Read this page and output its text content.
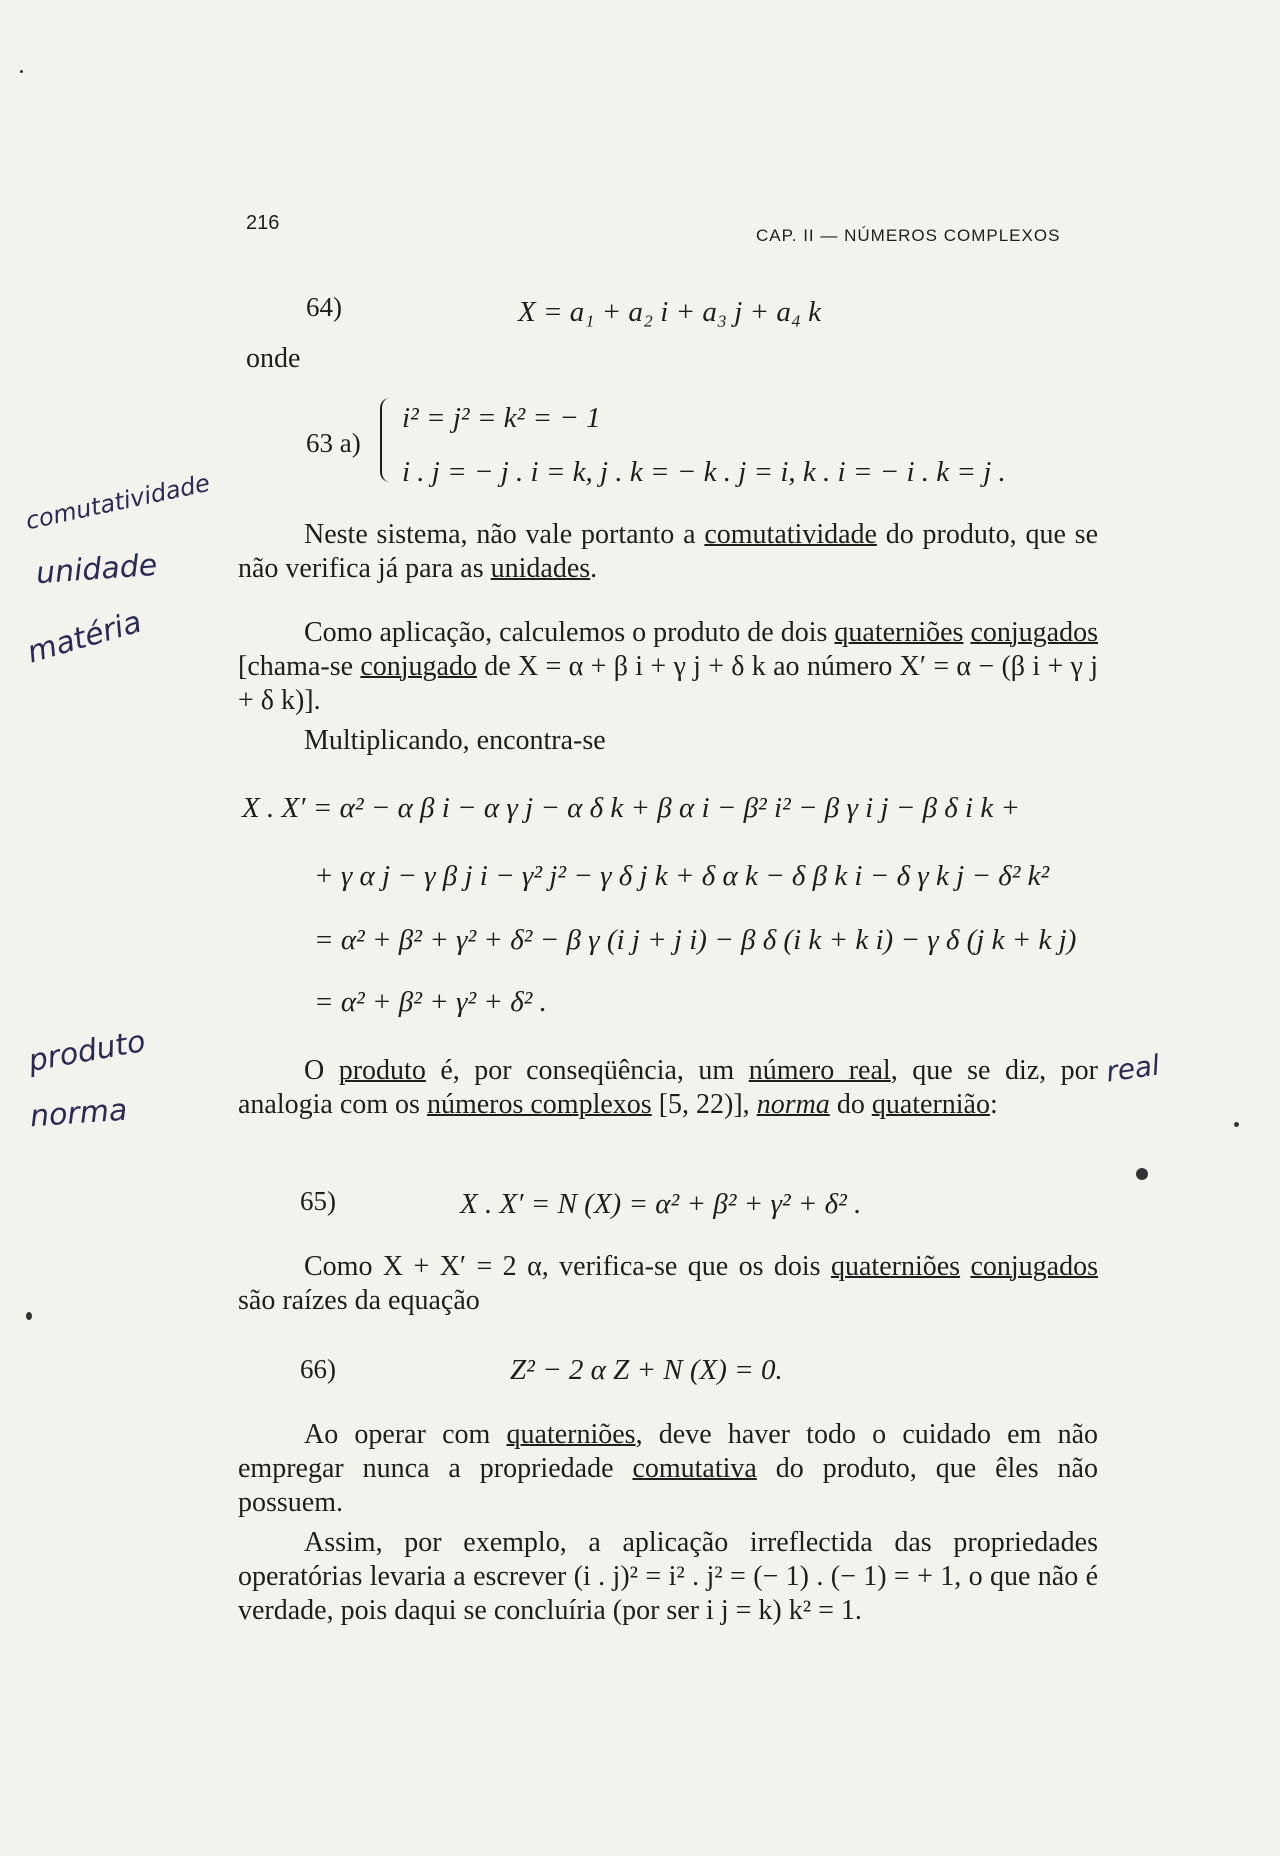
216
CAP. II — NÚMEROS COMPLEXOS
64)	X = a₁ + a₂ i + a₃ j + a₄ k
onde
63 a)
i² = j² = k² = − 1
i . j = − j . i = k, j . k = − k . j = i, k . i = − i . k = j .

Neste sistema, não vale portanto a comutatividade do produto, que se não verifica já para as unidades.

Como aplicação, calculemos o produto de dois quaterniões conjugados [chama-se conjugado de X = α + β i + γ j + δ k ao número X′ = α − (β i + γ j + δ k)].

Multiplicando, encontra-se
X . X′ = α² − α β i − α γ j − α δ k + β α i − β² i² − β γ i j − β δ i k +
+ γ α j − γ β j i − γ² j² − γ δ j k + δ α k − δ β k i − δ γ k j − δ² k²
= α² + β² + γ² + δ² − β γ (i j + j i) − β δ (i k + k i) − γ δ (j k + k j)
= α² + β² + γ² + δ² .

O produto é, por conseqüência, um número real, que se diz, por analogia com os números complexos [5, 22)], norma do quaternião:

65)	X . X′ = N (X) = α² + β² + γ² + δ² .

Como X + X′ = 2 α, verifica-se que os dois quaterniões conjugados são raízes da equação

66)	Z² − 2 α Z + N (X) = 0.

Ao operar com quaterniões, deve haver todo o cuidado em não empregar nunca a propriedade comutativa do produto, que êles não possuem.

Assim, por exemplo, a aplicação irreflectida das propriedades operatórias levaria a escrever (i . j)² = i² . j² = (− 1) . (− 1) = + 1, o que não é verdade, pois daqui se concluíria (por ser i j = k) k² = 1.

comutatividade
unidade
matéria
produto
norma
real
